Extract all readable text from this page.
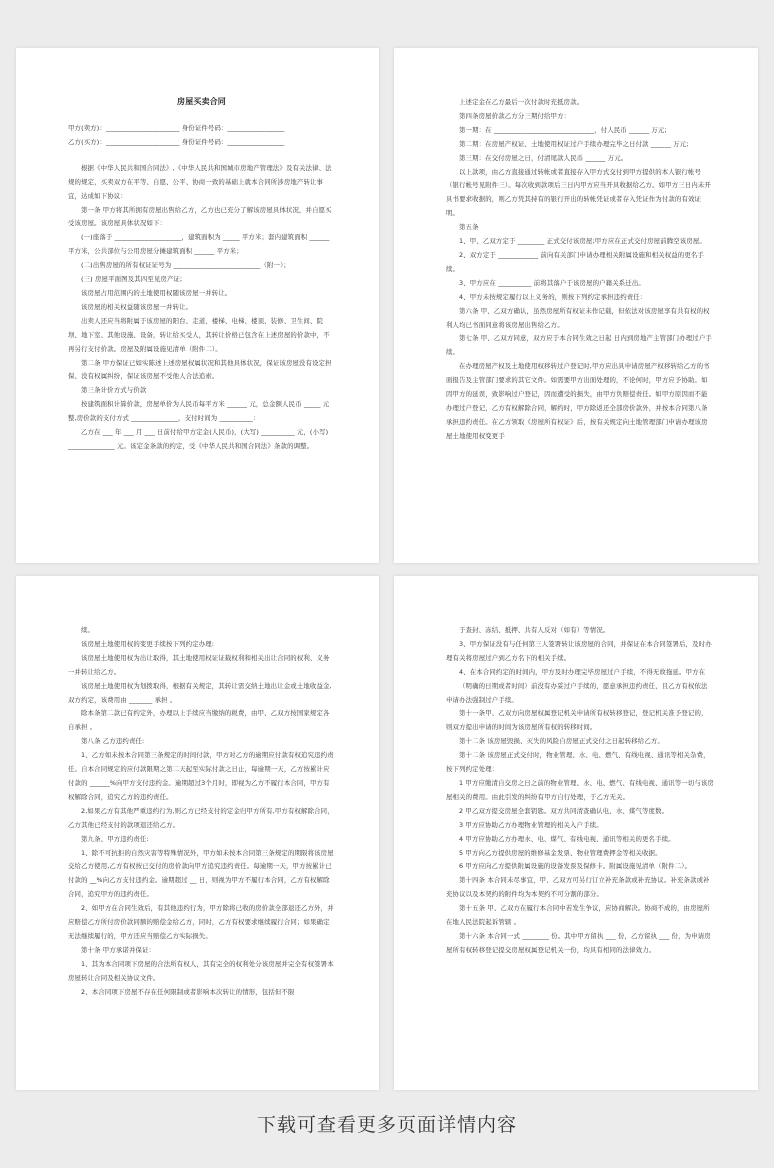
房屋买卖合同

甲方(卖方)：______________________ 身份证件号码：_________________

乙方(买方)：______________________ 身份证件号码：_________________

根据《中华人民共和国合同法》,《中华人民共和国城市房地产管理法》及有关法律、法规的规定，买卖双方在平等、自愿、公平、协商一致的基础上就本合同所涉房地产转让事宜，达成如下协议：

第一条 甲方将其所拥有房屋出售给乙方，乙方也已充分了解该房屋具体状况，并自愿买受该房屋。该房屋具体状况如下：

(一)座落于 ____________________，建筑面积为 _____ 平方米；套内建筑面积 ______ 平方米，公共部位与公用房屋分摊建筑面积 ______ 平方米；

(二)出售房屋的所有权证证号为 __________________________（附一）；

(三) 房屋平面图及其四至见房产证;

该房屋占用范围内的土地使用权随该房屋一并转让。

该房屋的相关权益随该房屋一并转让。

出卖人还应当将附属于该房屋的阳台、走道、楼梯、电梯、楼顶、装修、卫生间、院坝、地下室、其他设施、设备，转让给买受人，其转让价格已包含在上述房屋的价款中，不再另行支付价款。房屋及附属设施见清单（附件二）。

第二条 甲方保证已如实陈述上述房屋权属状况和其他具体状况，保证该房屋没有设定担保、没有权属纠纷，保证该房屋不受他人合法追索。

第三条计价方式与价款

按建筑面积计算价款，房屋单价为人民币每平方米 ______ 元，总金额人民币 _____ 元整,房价款的支付方式 ______________，支付时间为 __________：

乙方在 ___ 年 ___ 月 ___ 日前付给甲方定金(人民币)，(大写) __________ 元，(小写) ______________ 元。该定金条款的约定，受《中华人民共和国合同法》条款的调整。

上述定金在乙方最后一次付款时充抵房款。

第四条房屋价款乙方分三期付给甲方：

第一期：在 ______________________________，付人民币 ______ 万元;

第二期：在房屋产权证、土地使用权证过户手续办理完毕之日付款 ______ 万元;

第三期：在交付房屋之日，付清尾款人民币 ______ 万元。

以上款项，由乙方直接通过转帐或者直接存入甲方式交付到甲方提供的本人银行帐号（银行帐号见附件三）。每次收到款项后三日内甲方应当开具收据给乙方。如甲方三日内未开具书要求收据的，则乙方凭其持有的银行开出的转帐凭证或者存入凭证作为付款的有效证明。

第五条

1、甲、乙双方定于 ________ 正式交付该房屋;甲方应在正式交付房屋前腾空该房屋。

2、双方定于 ____________ 前向有关部门申请办理相关附属设施和相关权益的更名手续。

3、甲方应在 __________ 前将其落户于该房屋的户籍关系迁出。

4、甲方未按规定履行以上义务的，则按下列约定承担违约责任：

第六条 甲、乙双方确认，虽然房屋所有权证未作记载，但依法对该房屋享有共有权的权利人均已书面同意将该房屋出售给乙方。

第七条 甲、乙双方同意，双方应于本合同生效之日起 日内到房地产主管部门办理过户手续。

在办理房屋产权及土地使用权移转过户登记时,甲方应出具申请房屋产权移转给乙方的书面报告及主管部门要求的其它文件。如需要甲方出面处理的，不论何时，甲方应予协助。如因甲方的延误，致影响过户登记，因而遭受的损失，由甲方负赔偿责任。如甲方原因而不能办理过户登记，乙方有权解除合同，解约时，甲方除返还全部房价款外，并按本合同第八条承担违约责任。在乙方领取《房屋所有权证》后，按有关规定向土地管理部门申请办理该房屋土地使用权变更手

续。

该房屋土地使用权的变更手续按下列约定办理:

该房屋土地使用权为出让取得，其土地使用权证证载权利和相关出让合同的权利、义务一并转让给乙方。

该房屋土地使用权为划拨取得，根据有关规定，其转让需交纳土地出让金或土地收益金,双方约定，该费用由 _______ 承担 。

除本条第二款已有约定外，办理以上手续应当缴纳的税费，由甲、乙双方按国家规定各自承担 。

第八条 乙方违约责任:

1、乙方如未按本合同第三条规定的时间付款，甲方对乙方的逾期应付款有权追究违约责任。自本合同规定的应付款限期之第二天起至实际付款之日止，每逾期一天，乙方按累计应付款的 ______%向甲方支付违约金。逾期超过3个月时，即视为乙方不履行本合同，甲方有权解除合同，追究乙方的违约责任。

2,如果乙方有其他严重违约行为,则乙方已经支付的定金归甲方所有,甲方有权解除合同，乙方其他已经支付的款项退还给乙方。

第九条、甲方违约责任:

1、除不可抗拒的自然灾害等特殊情况外，甲方如未按本合同第三条规定的期限将该房屋交给乙方使用,乙方有权按已交付的房价款向甲方追究违约责任。每逾期一天，甲方按累计已付款的 __%向乙方支付违约金。逾期超过 __ 日，则视为甲方不履行本合同，乙方有权解除合同，追究甲方的违约责任。

2、如甲方在合同生效后，有其他违约行为，甲方除将已收的房价款全部退还乙方外，并应赔偿乙方所付房价款同额的赔偿金给乙方，同时，乙方有权要求继续履行合同；如果确定无法继续履行的，甲方还应当赔偿乙方实际损失。

第十条 甲方承诺并保证：

1、其为本合同项下房屋的合法所有权人，其有完全的权利处分该房屋并完全有权签署本房屋转让合同及相关协议文件。

2、本合同项下房屋不存在任何限制或者影响本次转让的情形，包括但不限

于查封、冻结、抵押、共有人反对（如有）等情况。

3、甲方保证没有与任何第三人签署转让该房屋的合同，并保证在本合同签署后，及时办理有关将房屋过户到乙方名下的相关手续。

4、在本合同约定的时间内，甲方及时办理完毕房屋过户手续，不得无故拖延。甲方在

（明确的日期或者时间）前没有办妥过户手续的，愿意承担违约责任，且乙方有权依法申请办法强制过户手续。

第十一条甲、乙双方向房屋权属登记机关申请所有权转移登记，登记机关准予登记的，则双方提出申请的时间为该房屋所有权的转移时间。

第十二条 该房屋毁损、灭失的风险自房屋正式交付之日起转移给乙方。

第十二条 该房屋正式交付时，物业管理、水、电、燃气、有线电视、通讯等相关杂费，按下列约定处理：

1 甲方应缴清自交房之日之前的物业管理、水、电、燃气、有线电视、通讯等一切与该房屋相关的费用。由此引发的纠纷有甲方自行处理，于乙方无关。

2 甲乙双方提交房屋全套钥匙。双方共同清查确认电、水、煤气等度数。

3 甲方应协助乙方办理物业管理的相关入户手续。

4 甲方应协助乙方办理水、电、煤气、有线电视、通讯等相关的更名手续。

5 甲方向乙方提供房屋的维修基金发票、物业管理费押金等相关收据。

6 甲方应向乙方提供附属设施的设备发票及保修卡。附属设施见清单（附件二）。

第十四条 本合同未尽事宜，甲、乙双方可另行订立补充条款或补充协议。补充条款或补充协议以及本契约的附件均为本契约不可分割的部分。

第十五条 甲、乙双方在履行本合同中若发生争议，应协商解决。协商不成的，由房屋所在地人民法院起诉管辖 。

第十六条 本合同一式 ________ 份。其中甲方留执 ___ 份，乙方留执 ___ 份，为申请房屋所有权转移登记提交房屋权属登记机关一份，均具有相同的法律效力。

下载可查看更多页面详情内容
